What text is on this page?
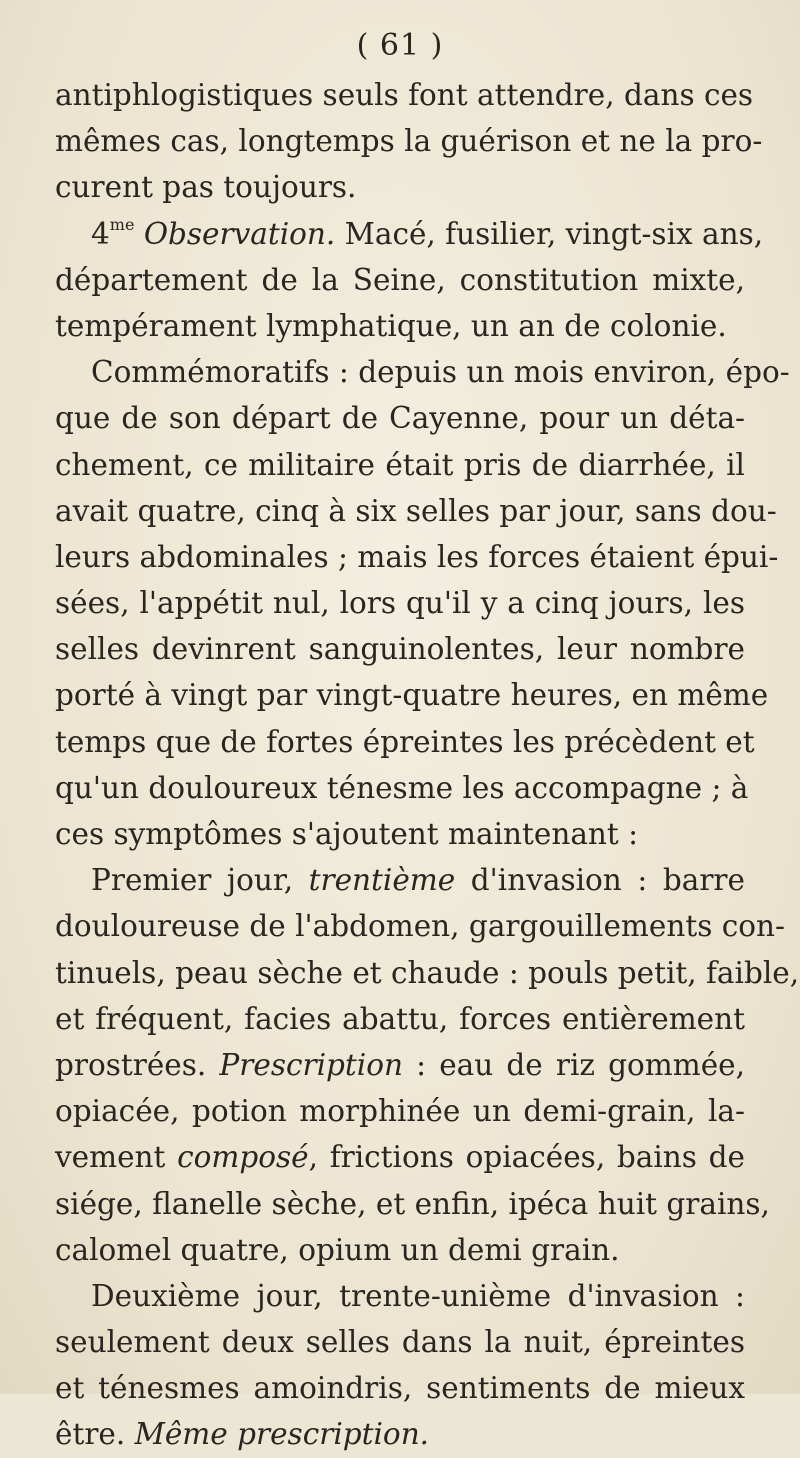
( 61 )
antiphlogistiques seuls font attendre, dans ces
mêmes cas, longtemps la guérison et ne la pro-
curent pas toujours.
$4^{me}$ Observation. Macé, fusilier, vingt-six ans,
département de la Seine, constitution mixte,
tempérament lymphatique, un an de colonie.
Commémoratifs : depuis un mois environ, épo-
que de son départ de Cayenne, pour un déta-
chement, ce militaire était pris de diarrhée, il
avait quatre, cinq à six selles par jour, sans dou-
leurs abdominales ; mais les forces étaient épui-
sées, l'appétit nul, lors qu'il y a cinq jours, les
selles devinrent sanguinolentes, leur nombre
porté à vingt par vingt-quatre heures, en même
temps que de fortes épreintes les précèdent et
qu'un douloureux ténesme les accompagne ; à
ces symptômes s'ajoutent maintenant :
Premier jour, trentième d'invasion : barre
douloureuse de l'abdomen, gargouillements con-
tinuels, peau sèche et chaude : pouls petit, faible,
et fréquent, facies abattu, forces entièrement
prostrées. Prescription : eau de riz gommée,
opiacée, potion morphinée un demi-grain, la-
vement composé, frictions opiacées, bains de
siége, flanelle sèche, et enfin, ipéca huit grains,
calomel quatre, opium un demi grain.
Deuxième jour, trente-unième d'invasion :
seulement deux selles dans la nuit, épreintes
et ténesmes amoindris, sentiments de mieux
être. Même prescription.
